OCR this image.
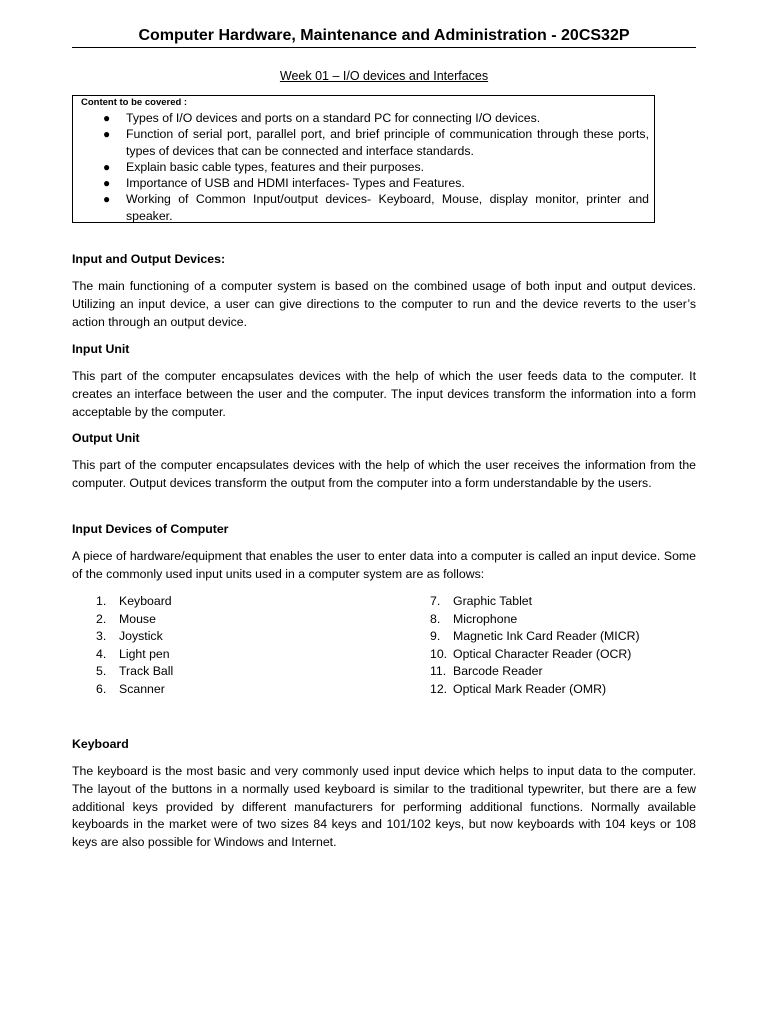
Computer Hardware, Maintenance and Administration - 20CS32P
Week 01 – I/O devices and Interfaces
Content to be covered :
● Types of I/O devices and ports on a standard PC for connecting I/O devices.
● Function of serial port, parallel port, and brief principle of communication through these ports, types of devices that can be connected and interface standards.
● Explain basic cable types, features and their purposes.
● Importance of USB and HDMI interfaces- Types and Features.
● Working of Common Input/output devices- Keyboard, Mouse, display monitor, printer and speaker.

Input and Output Devices:

The main functioning of a computer system is based on the combined usage of both input and output devices. Utilizing an input device, a user can give directions to the computer to run and the device reverts to the user’s action through an output device.

Input Unit

This part of the computer encapsulates devices with the help of which the user feeds data to the computer. It creates an interface between the user and the computer. The input devices transform the information into a form acceptable by the computer.

Output Unit

This part of the computer encapsulates devices with the help of which the user receives the information from the computer. Output devices transform the output from the computer into a form understandable by the users.

Input Devices of Computer

A piece of hardware/equipment that enables the user to enter data into a computer is called an input device. Some of the commonly used input units used in a computer system are as follows:

1. Keyboard
2. Mouse
3. Joystick
4. Light pen
5. Track Ball
6. Scanner
7. Graphic Tablet
8. Microphone
9. Magnetic Ink Card Reader (MICR)
10. Optical Character Reader (OCR)
11. Barcode Reader
12. Optical Mark Reader (OMR)

Keyboard

The keyboard is the most basic and very commonly used input device which helps to input data to the computer. The layout of the buttons in a normally used keyboard is similar to the traditional typewriter, but there are a few additional keys provided by different manufacturers for performing additional functions. Normally available keyboards in the market were of two sizes 84 keys and 101/102 keys, but now keyboards with 104 keys or 108 keys are also possible for Windows and Internet.
